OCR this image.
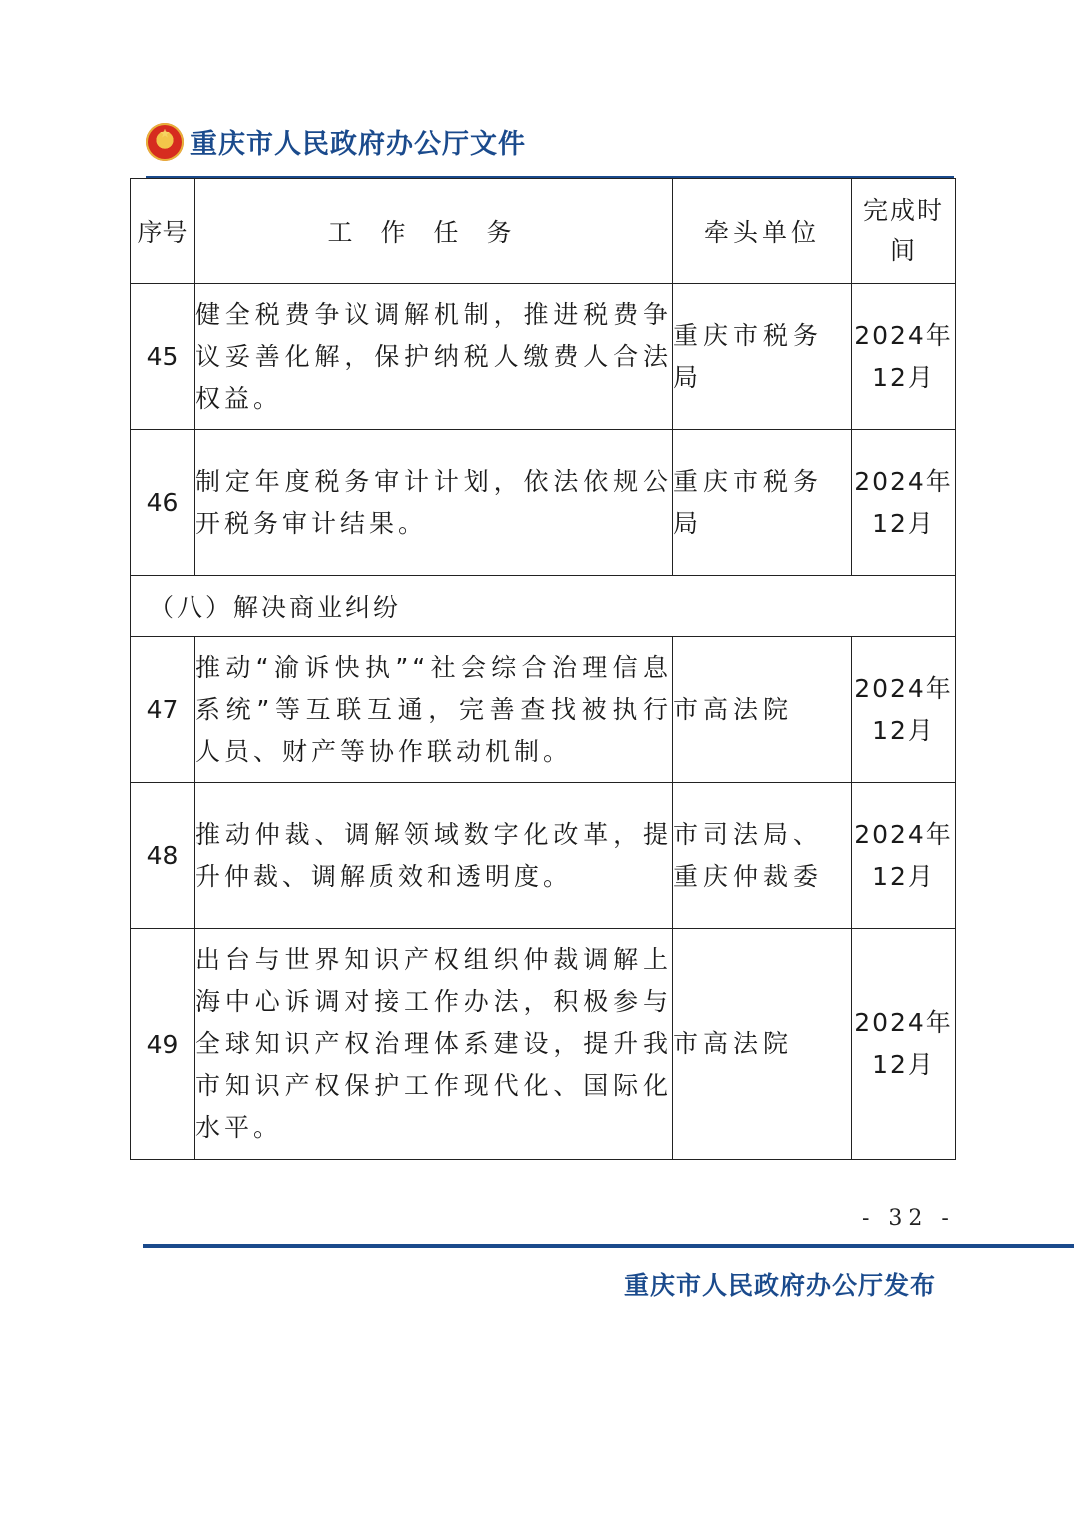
重庆市人民政府办公厅文件
序号	工作任务	牵头单位	完成时间
45	健全税费争议调解机制，推进税费争议妥善化解，保护纳税人缴费人合法权益。	重庆市税务局	2024年12月
46	制定年度税务审计计划，依法依规公开税务审计结果。	重庆市税务局	2024年12月
（八）解决商业纠纷			
47	推动“渝诉快执”“社会综合治理信息系统”等互联互通，完善查找被执行人员、财产等协作联动机制。	市高法院	2024年12月
48	推动仲裁、调解领域数字化改革，提升仲裁、调解质效和透明度。	市司法局、重庆仲裁委	2024年12月
49	出台与世界知识产权组织仲裁调解上海中心诉调对接工作办法，积极参与全球知识产权治理体系建设，提升我市知识产权保护工作现代化、国际化水平。	市高法院	2024年12月
- 32 -
重庆市人民政府办公厅发布
